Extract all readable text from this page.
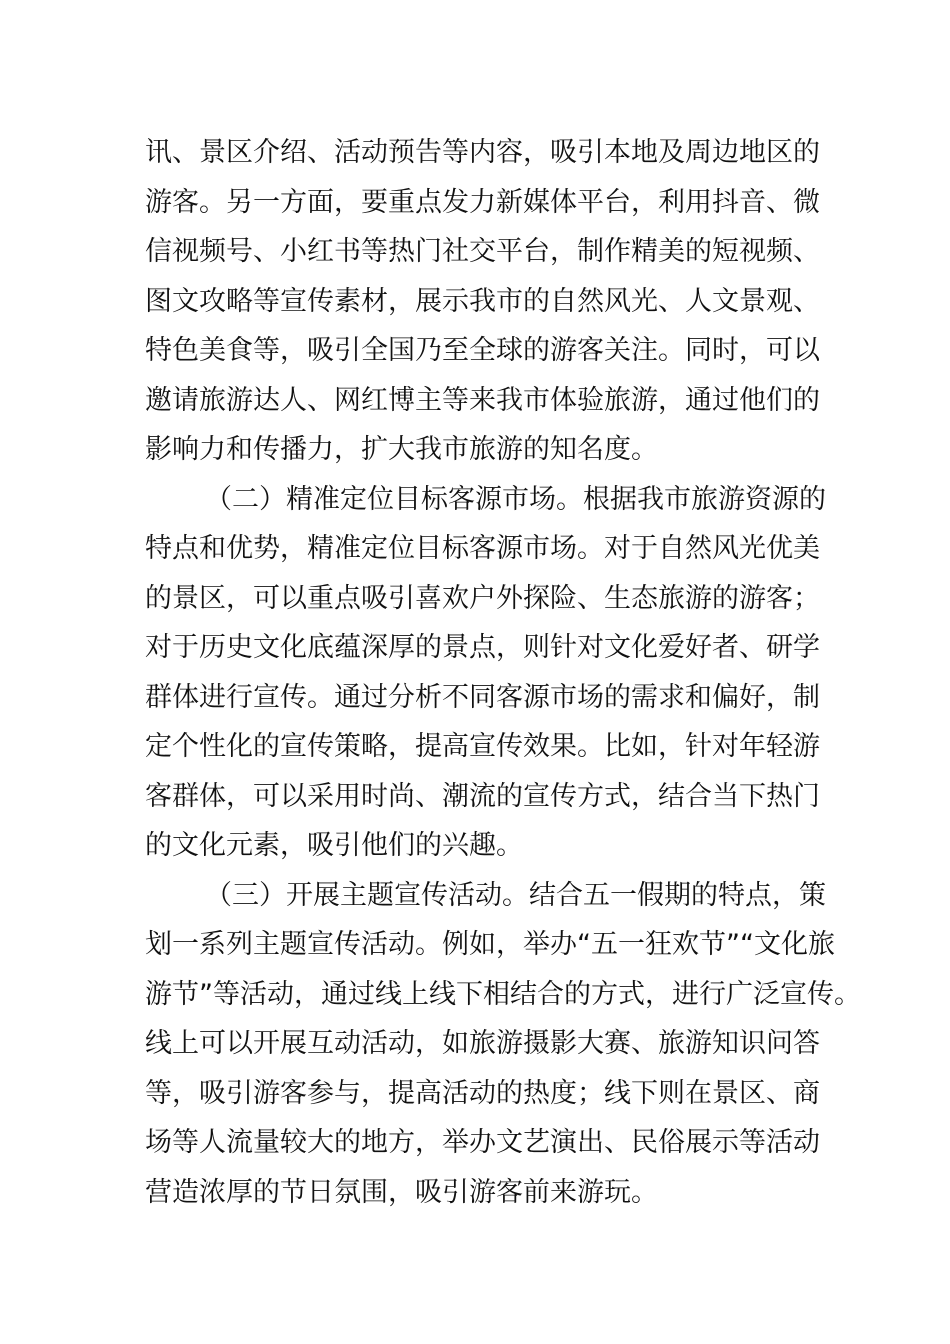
讯、景区介绍、活动预告等内容，吸引本地及周边地区的
游客。另一方面，要重点发力新媒体平台，利用抖音、微
信视频号、小红书等热门社交平台，制作精美的短视频、
图文攻略等宣传素材，展示我市的自然风光、人文景观、
特色美食等，吸引全国乃至全球的游客关注。同时，可以
邀请旅游达人、网红博主等来我市体验旅游，通过他们的
影响力和传播力，扩大我市旅游的知名度。

（二）精准定位目标客源市场。根据我市旅游资源的
特点和优势，精准定位目标客源市场。对于自然风光优美
的景区，可以重点吸引喜欢户外探险、生态旅游的游客；
对于历史文化底蕴深厚的景点，则针对文化爱好者、研学
群体进行宣传。通过分析不同客源市场的需求和偏好，制
定个性化的宣传策略，提高宣传效果。比如，针对年轻游
客群体，可以采用时尚、潮流的宣传方式，结合当下热门
的文化元素，吸引他们的兴趣。

（三）开展主题宣传活动。结合五一假期的特点，策
划一系列主题宣传活动。例如，举办“五一狂欢节”“文化旅
游节”等活动，通过线上线下相结合的方式，进行广泛宣传。
线上可以开展互动活动，如旅游摄影大赛、旅游知识问答
等，吸引游客参与，提高活动的热度；线下则在景区、商
场等人流量较大的地方，举办文艺演出、民俗展示等活动
营造浓厚的节日氛围，吸引游客前来游玩。
